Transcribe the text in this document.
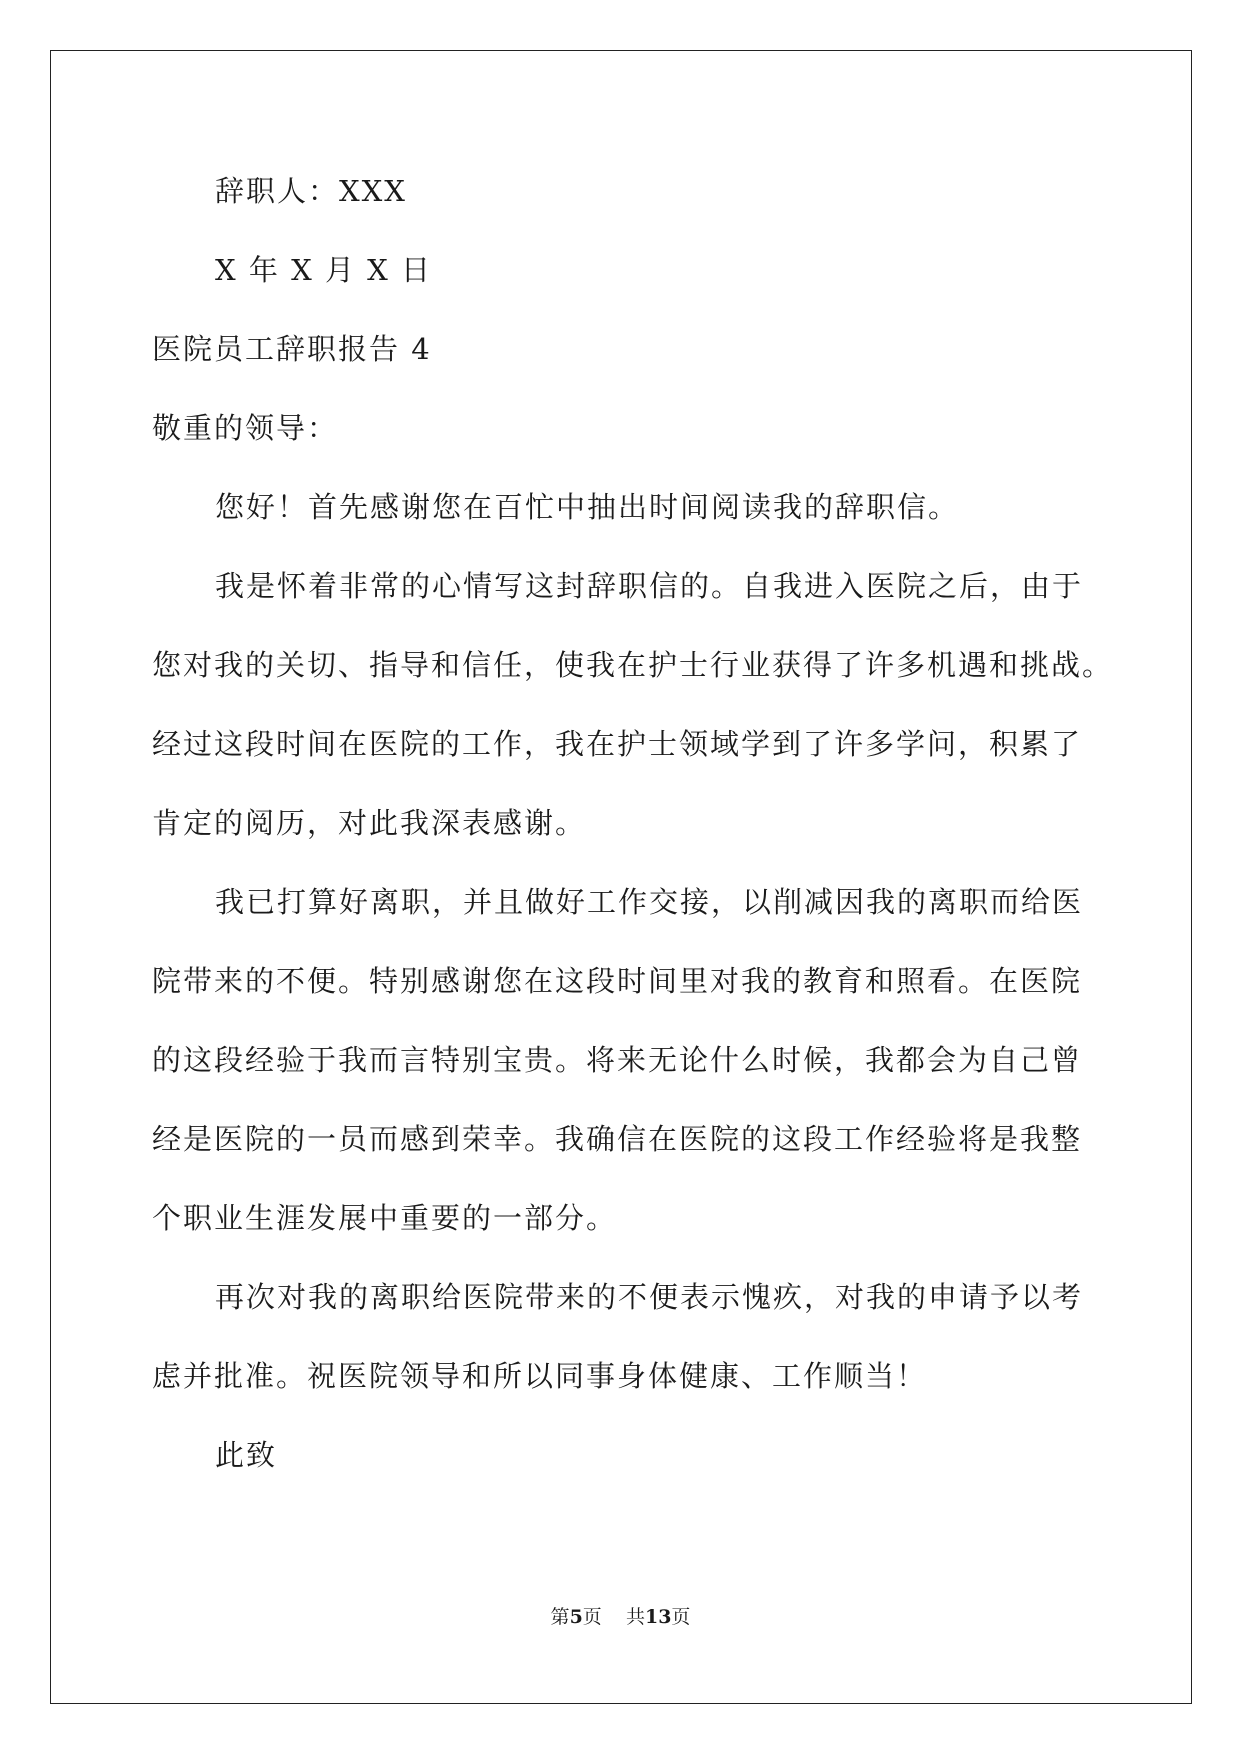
辞职人：XXX
X 年 X 月 X 日
医院员工辞职报告 4
敬重的领导：
您好！首先感谢您在百忙中抽出时间阅读我的辞职信。
我是怀着非常的心情写这封辞职信的。自我进入医院之后，由于
您对我的关切、指导和信任，使我在护士行业获得了许多机遇和挑战。
经过这段时间在医院的工作，我在护士领域学到了许多学问，积累了
肯定的阅历，对此我深表感谢。
我已打算好离职，并且做好工作交接，以削减因我的离职而给医
院带来的不便。特别感谢您在这段时间里对我的教育和照看。在医院
的这段经验于我而言特别宝贵。将来无论什么时候，我都会为自己曾
经是医院的一员而感到荣幸。我确信在医院的这段工作经验将是我整
个职业生涯发展中重要的一部分。
再次对我的离职给医院带来的不便表示愧疚，对我的申请予以考
虑并批准。祝医院领导和所以同事身体健康、工作顺当！
此致
第5页    共13页
